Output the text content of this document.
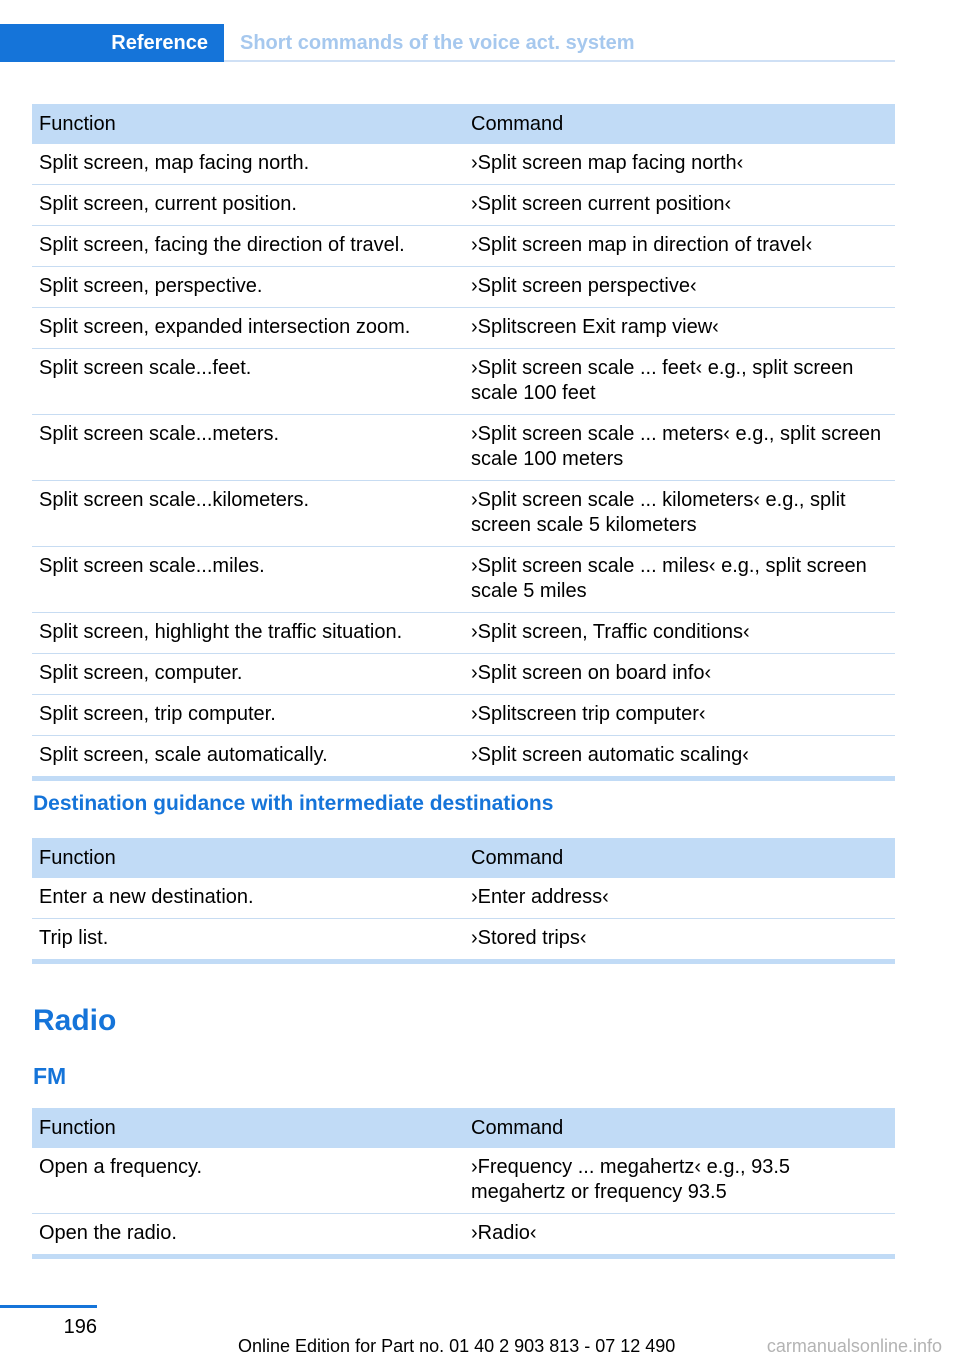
Reference Short commands of the voice act. system
Function	Command
Split screen, map facing north.	›Split screen map facing north‹
Split screen, current position.	›Split screen current position‹
Split screen, facing the direction of travel.	›Split screen map in direction of travel‹
Split screen, perspective.	›Split screen perspective‹
Split screen, expanded intersection zoom.	›Splitscreen Exit ramp view‹
Split screen scale...feet.	›Split screen scale ... feet‹ e.g., split screen scale 100 feet
Split screen scale...meters.	›Split screen scale ... meters‹ e.g., split screen scale 100 meters
Split screen scale...kilometers.	›Split screen scale ... kilometers‹ e.g., split screen scale 5 kilometers
Split screen scale...miles.	›Split screen scale ... miles‹ e.g., split screen scale 5 miles
Split screen, highlight the traffic situation.	›Split screen, Traffic conditions‹
Split screen, computer.	›Split screen on board info‹
Split screen, trip computer.	›Splitscreen trip computer‹
Split screen, scale automatically.	›Split screen automatic scaling‹
Destination guidance with intermediate destinations
Function	Command
Enter a new destination.	›Enter address‹
Trip list.	›Stored trips‹
Radio
FM
Function	Command
Open a frequency.	›Frequency ... megahertz‹ e.g., 93.5 megahertz or frequency 93.5
Open the radio.	›Radio‹
196
Online Edition for Part no. 01 40 2 903 813 - 07 12 490	carmanualsonline.info
